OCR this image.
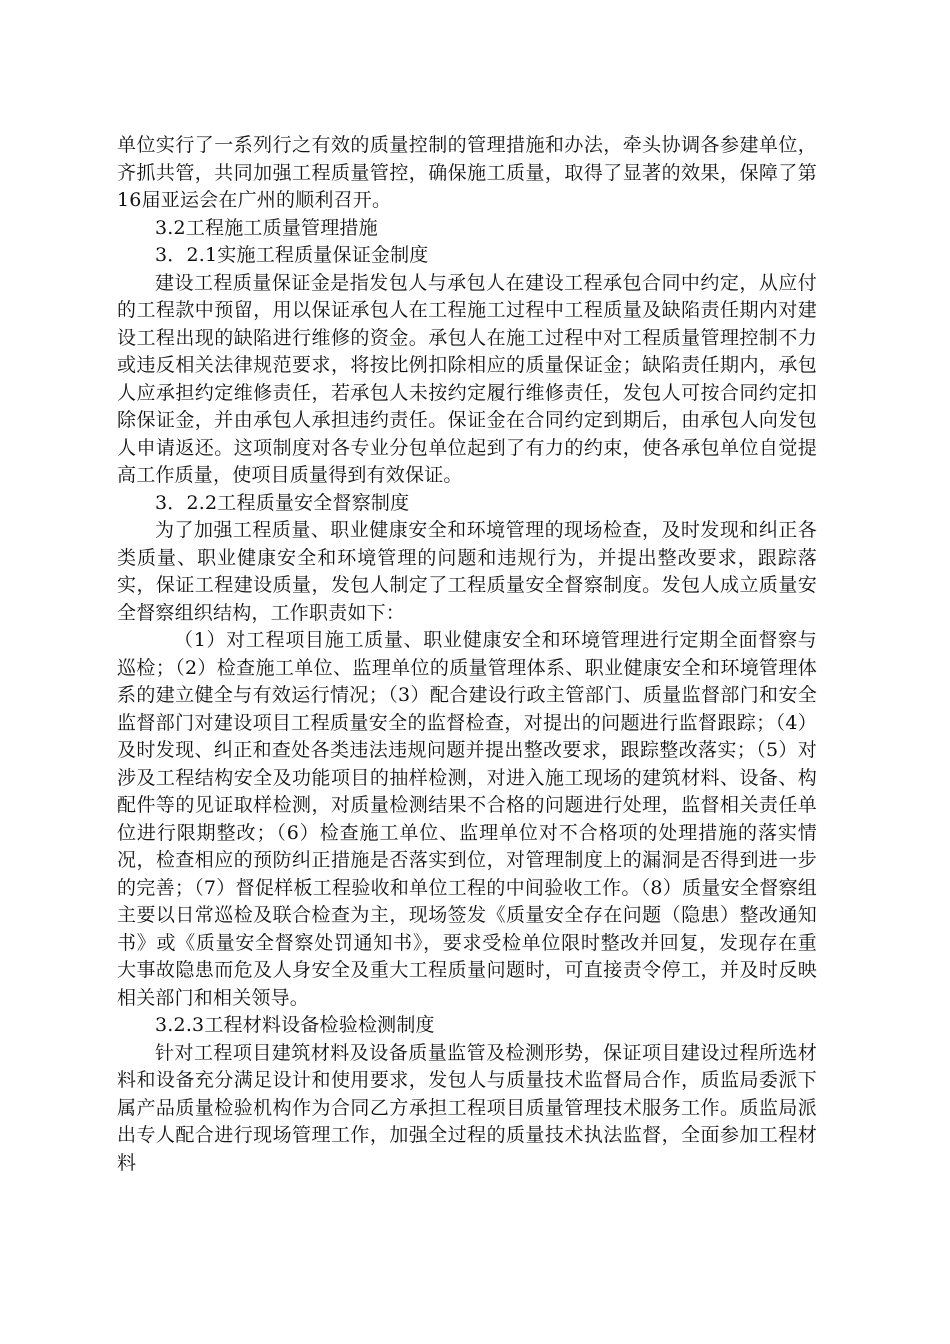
单位实行了一系列行之有效的质量控制的管理措施和办法，牵头协调各参建单位，齐抓共管，共同加强工程质量管控，确保施工质量，取得了显著的效果，保障了第16届亚运会在广州的顺利召开。

3.2工程施工质量管理措施

3．2.1实施工程质量保证金制度

建设工程质量保证金是指发包人与承包人在建设工程承包合同中约定，从应付的工程款中预留，用以保证承包人在工程施工过程中工程质量及缺陷责任期内对建设工程出现的缺陷进行维修的资金。承包人在施工过程中对工程质量管理控制不力或违反相关法律规范要求，将按比例扣除相应的质量保证金；缺陷责任期内，承包人应承担约定维修责任，若承包人未按约定履行维修责任，发包人可按合同约定扣除保证金，并由承包人承担违约责任。保证金在合同约定到期后，由承包人向发包人申请返还。这项制度对各专业分包单位起到了有力的约束，使各承包单位自觉提高工作质量，使项目质量得到有效保证。

3．2.2工程质量安全督察制度

为了加强工程质量、职业健康安全和环境管理的现场检查，及时发现和纠正各类质量、职业健康安全和环境管理的问题和违规行为，并提出整改要求，跟踪落实，保证工程建设质量，发包人制定了工程质量安全督察制度。发包人成立质量安全督察组织结构，工作职责如下：

（1）对工程项目施工质量、职业健康安全和环境管理进行定期全面督察与巡检；（2）检查施工单位、监理单位的质量管理体系、职业健康安全和环境管理体系的建立健全与有效运行情况；（3）配合建设行政主管部门、质量监督部门和安全监督部门对建设项目工程质量安全的监督检查，对提出的问题进行监督跟踪；（4）及时发现、纠正和查处各类违法违规问题并提出整改要求，跟踪整改落实；（5）对涉及工程结构安全及功能项目的抽样检测，对进入施工现场的建筑材料、设备、构配件等的见证取样检测，对质量检测结果不合格的问题进行处理，监督相关责任单位进行限期整改；（6）检查施工单位、监理单位对不合格项的处理措施的落实情况，检查相应的预防纠正措施是否落实到位，对管理制度上的漏洞是否得到进一步的完善；（7）督促样板工程验收和单位工程的中间验收工作。（8）质量安全督察组主要以日常巡检及联合检查为主，现场签发《质量安全存在问题（隐患）整改通知书》或《质量安全督察处罚通知书》，要求受检单位限时整改并回复，发现存在重大事故隐患而危及人身安全及重大工程质量问题时，可直接责令停工，并及时反映相关部门和相关领导。

3.2.3工程材料设备检验检测制度

针对工程项目建筑材料及设备质量监管及检测形势，保证项目建设过程所选材料和设备充分满足设计和使用要求，发包人与质量技术监督局合作，质监局委派下属产品质量检验机构作为合同乙方承担工程项目质量管理技术服务工作。质监局派出专人配合进行现场管理工作，加强全过程的质量技术执法监督，全面参加工程材料
